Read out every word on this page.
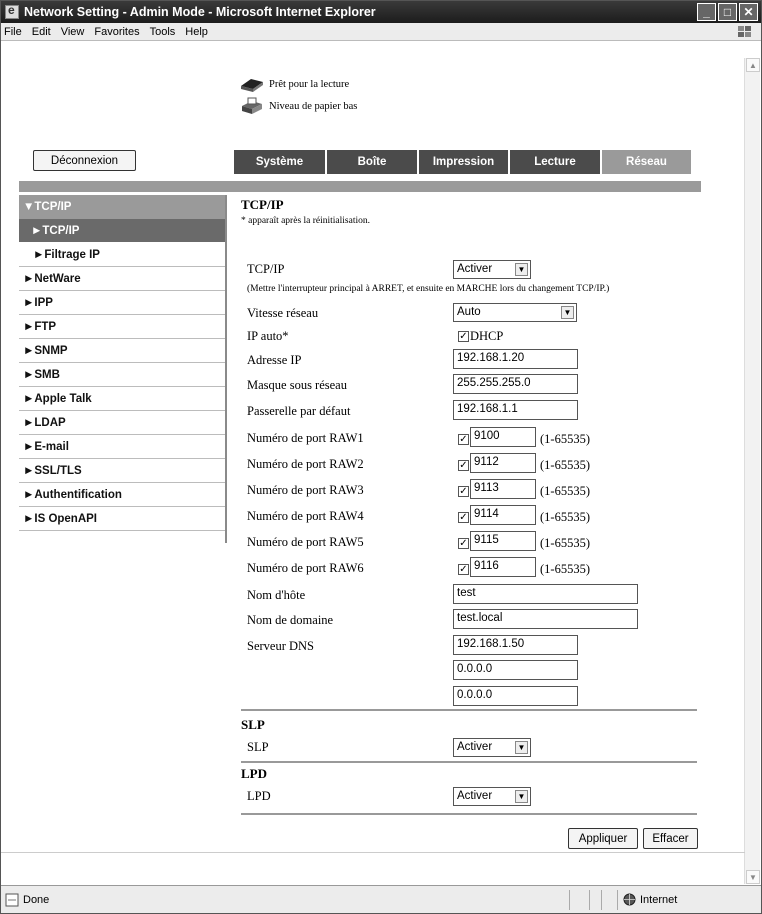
e
Network Setting - Admin Mode - Microsoft Internet Explorer	_	□	✕
File Edit View Favorites Tools Help
▲
▼
Prêt pour la lecture
Niveau de papier bas
Déconnexion	Système	Boîte	Impression	Lecture	Réseau
▼TCP/IP
►TCP/IP
►Filtrage IP
►NetWare
►IPP
►FTP
►SNMP
►SMB
►Apple Talk
►LDAP
►E-mail
►SSL/TLS
►Authentification
►IS OpenAPI
TCP/IP
* apparaît après la réinitialisation.
TCP/IP	Activer	▼
(Mettre l'interrupteur principal à ARRET, et ensuite en MARCHE lors du changement TCP/IP.)
Vitesse réseau	Auto	▼
IP auto*	✓ DHCP
Adresse IP	192.168.1.20
Masque sous réseau	255.255.255.0
Passerelle par défaut	192.168.1.1
Numéro de port RAW1	✓ 9100	(1-65535)
Numéro de port RAW2	✓ 9112	(1-65535)
Numéro de port RAW3	✓ 9113	(1-65535)
Numéro de port RAW4	✓ 9114	(1-65535)
Numéro de port RAW5	✓ 9115	(1-65535)
Numéro de port RAW6	✓ 9116	(1-65535)
Nom d'hôte	test
Nom de domaine	test.local
Serveur DNS	192.168.1.50
0.0.0.0
0.0.0.0
SLP
SLP	Activer	▼
LPD
LPD	Activer	▼
Appliquer	Effacer
Done	Internet
